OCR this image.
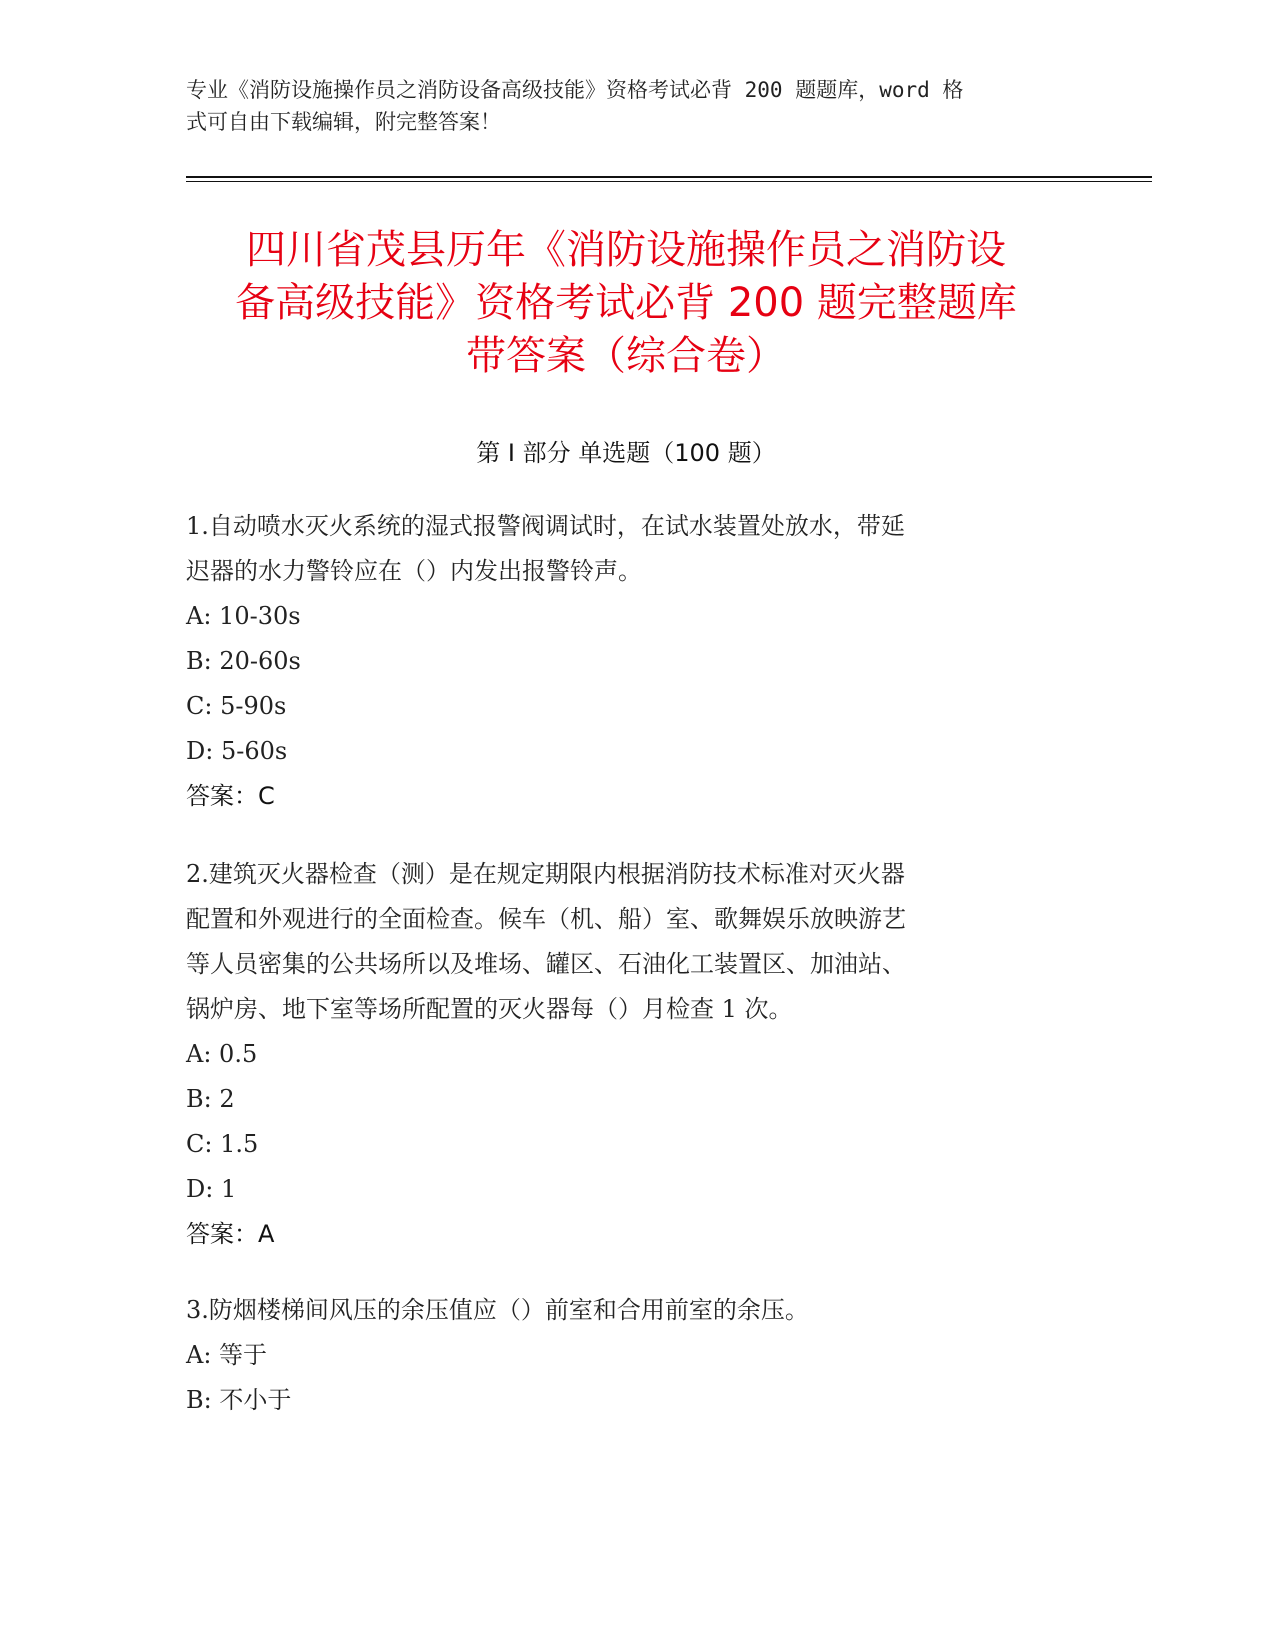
专业《消防设施操作员之消防设备高级技能》资格考试必背 200 题题库，word 格
式可自由下载编辑，附完整答案！
四川省茂县历年《消防设施操作员之消防设
备高级技能》资格考试必背 200 题完整题库
带答案（综合卷）
第 I 部分 单选题（100 题）
1.自动喷水灭火系统的湿式报警阀调试时，在试水装置处放水，带延
迟器的水力警铃应在（）内发出报警铃声。
A: 10-30s
B: 20-60s
C: 5-90s
D: 5-60s
答案：C
2.建筑灭火器检查（测）是在规定期限内根据消防技术标准对灭火器
配置和外观进行的全面检查。候车（机、船）室、歌舞娱乐放映游艺
等人员密集的公共场所以及堆场、罐区、石油化工装置区、加油站、
锅炉房、地下室等场所配置的灭火器每（）月检查 1 次。
A: 0.5
B: 2
C: 1.5
D: 1
答案：A
3.防烟楼梯间风压的余压值应（）前室和合用前室的余压。
A: 等于
B: 不小于
